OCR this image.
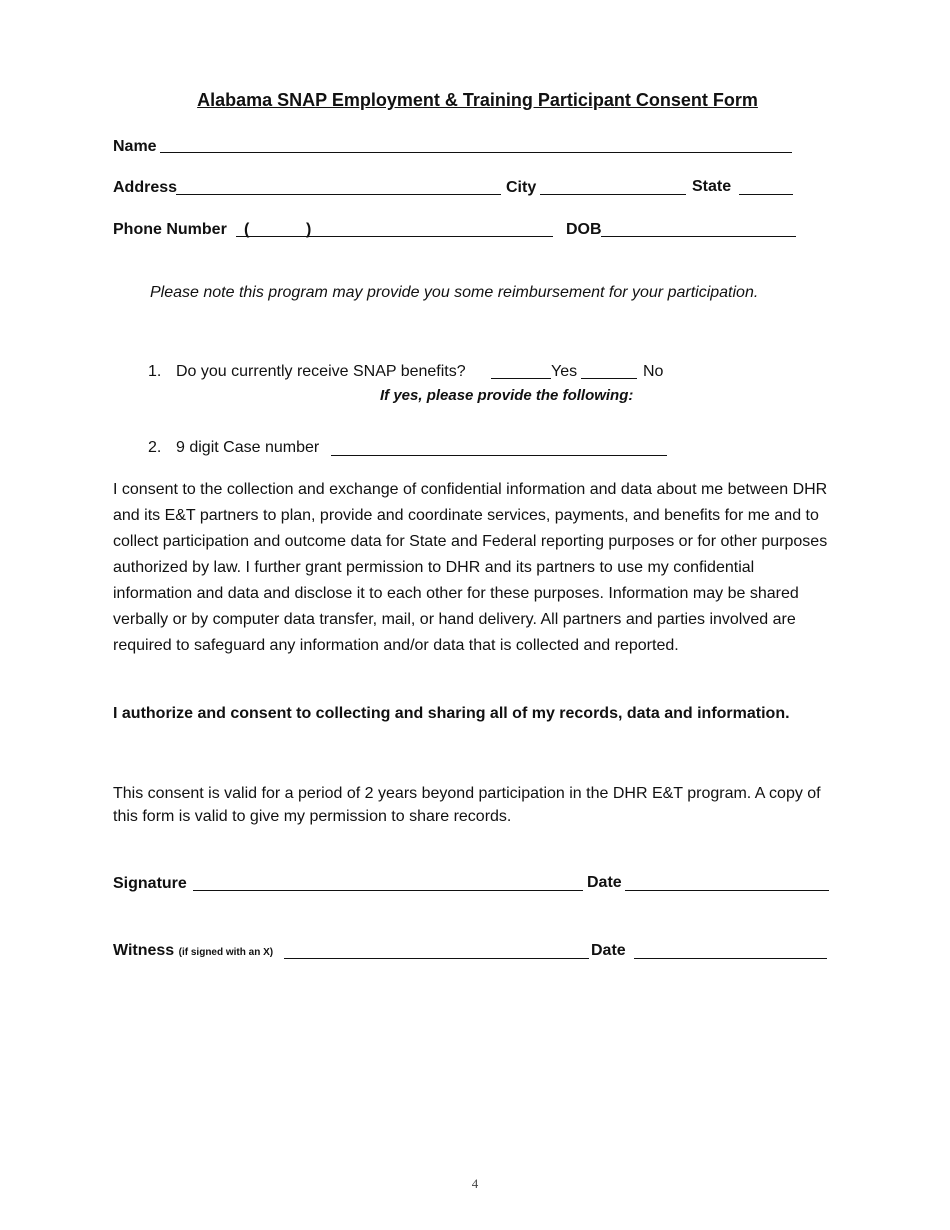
Alabama SNAP Employment & Training Participant Consent Form
Name
Address	City	State
Phone Number (	)	DOB
Please note this program may provide you some reimbursement for your participation.
1. Do you currently receive SNAP benefits?	Yes	No
If yes, please provide the following:
2. 9 digit Case number
I consent to the collection and exchange of confidential information and data about me between DHR and its E&T partners to plan, provide and coordinate services, payments, and benefits for me and to collect participation and outcome data for State and Federal reporting purposes or for other purposes authorized by law. I further grant permission to DHR and its partners to use my confidential information and data and disclose it to each other for these purposes. Information may be shared verbally or by computer data transfer, mail, or hand delivery. All partners and parties involved are required to safeguard any information and/or data that is collected and reported.
I authorize and consent to collecting and sharing all of my records, data and information.
This consent is valid for a period of 2 years beyond participation in the DHR E&T program. A copy of this form is valid to give my permission to share records.
Signature	Date
Witness (if signed with an X)	Date
4
